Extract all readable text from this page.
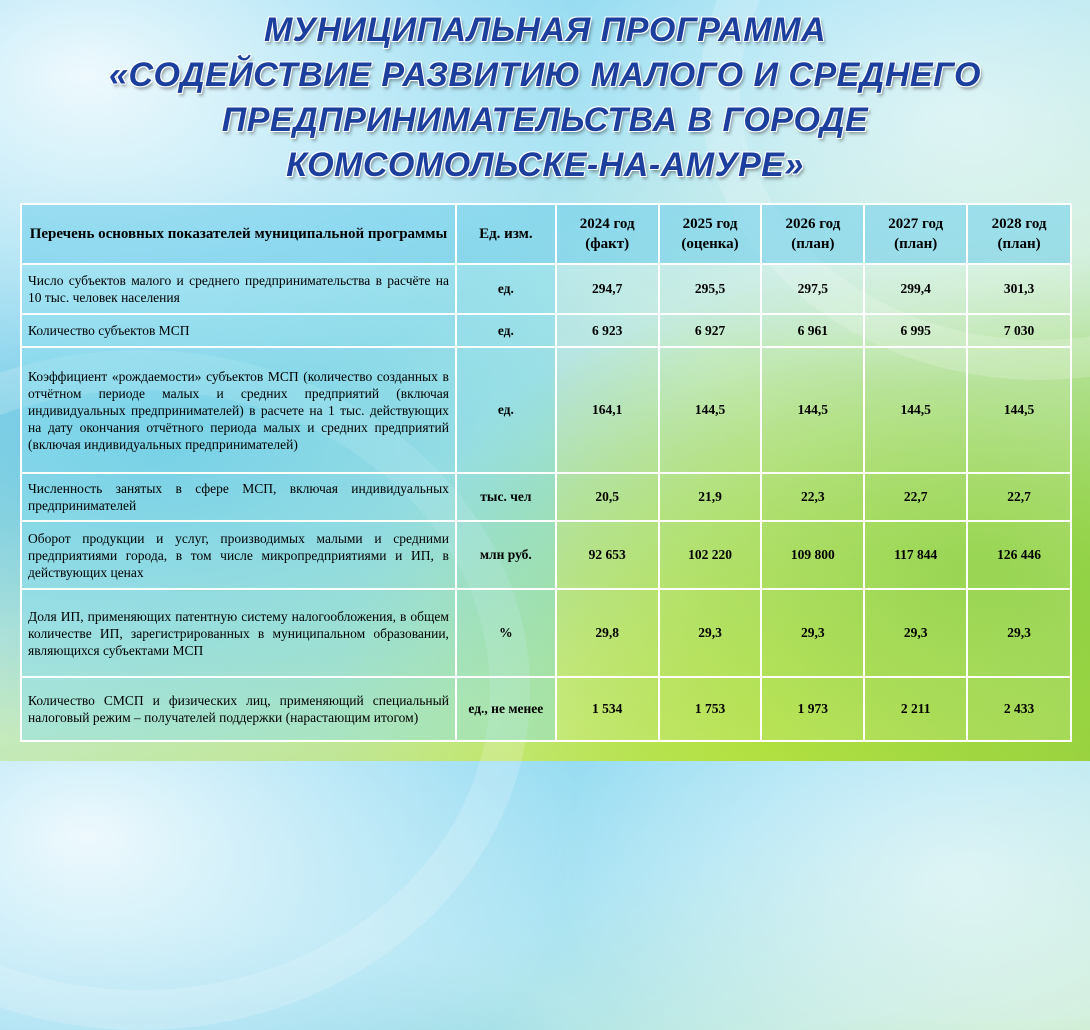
МУНИЦИПАЛЬНАЯ ПРОГРАММА
«СОДЕЙСТВИЕ РАЗВИТИЮ МАЛОГО И СРЕДНЕГО
ПРЕДПРИНИМАТЕЛЬСТВА В ГОРОДЕ
КОМСОМОЛЬСКЕ-НА-АМУРЕ»
Перечень основных показателей муниципальной программы	Ед. изм.	2024 год (факт)	2025 год (оценка)	2026 год (план)	2027 год (план)	2028 год (план)
Число субъектов малого и среднего предпринимательства в расчёте на 10 тыс. человек населения	ед.	294,7	295,5	297,5	299,4	301,3
Количество субъектов МСП	ед.	6 923	6 927	6 961	6 995	7 030
Коэффициент «рождаемости» субъектов МСП (количество созданных в отчётном периоде малых и средних предприятий (включая индивидуальных предпринимателей) в расчете на 1 тыс. действующих на дату окончания отчётного периода малых и средних предприятий (включая индивидуальных предпринимателей)	ед.	164,1	144,5	144,5	144,5	144,5
Численность занятых в сфере МСП, включая индивидуальных предпринимателей	тыс. чел	20,5	21,9	22,3	22,7	22,7
Оборот продукции и услуг, производимых малыми и средними предприятиями города, в том числе микропредприятиями и ИП, в действующих ценах	млн руб.	92 653	102 220	109 800	117 844	126 446
Доля ИП, применяющих патентную систему налогообложения, в общем количестве ИП, зарегистрированных в муниципальном образовании, являющихся субъектами МСП	%	29,8	29,3	29,3	29,3	29,3
Количество СМСП и физических лиц, применяющий специальный налоговый режим – получателей поддержки (нарастающим итогом)	ед., не менее	1 534	1 753	1 973	2 211	2 433
